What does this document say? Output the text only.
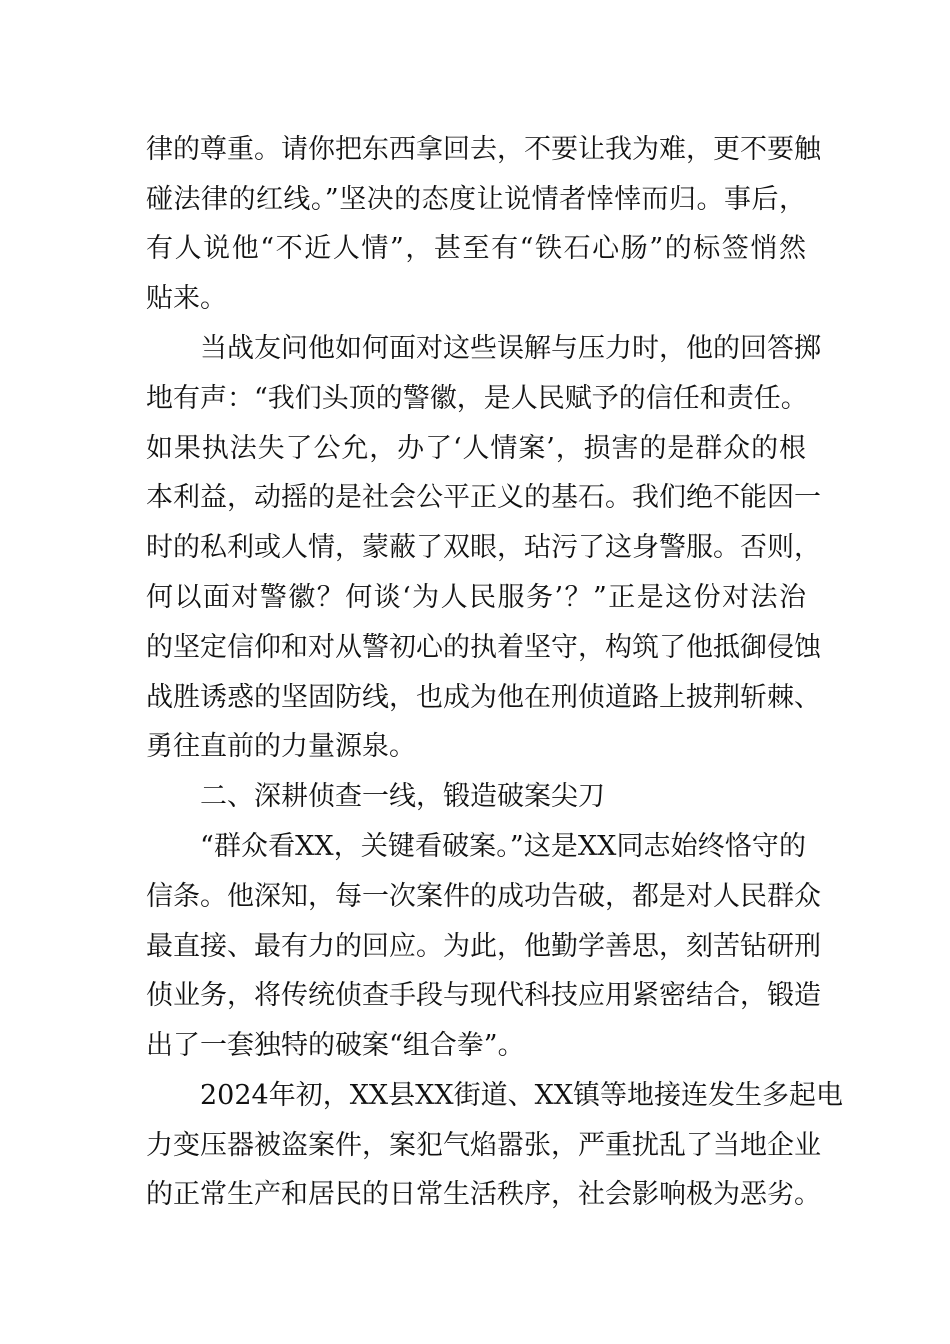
律的尊重。请你把东西拿回去，不要让我为难，更不要触

碰法律的红线。”坚决的态度让说情者悻悻而归。事后，

有人说他“不近人情”，甚至有“铁石心肠”的标签悄然

贴来。

当战友问他如何面对这些误解与压力时，他的回答掷

地有声：“我们头顶的警徽，是人民赋予的信任和责任。

如果执法失了公允，办了‘人情案’，损害的是群众的根

本利益，动摇的是社会公平正义的基石。我们绝不能因一

时的私利或人情，蒙蔽了双眼，玷污了这身警服。否则，

何以面对警徽？何谈‘为人民服务’？”正是这份对法治

的坚定信仰和对从警初心的执着坚守，构筑了他抵御侵蚀

战胜诱惑的坚固防线，也成为他在刑侦道路上披荆斩棘、

勇往直前的力量源泉。

二、深耕侦查一线，锻造破案尖刀

“群众看XX，关键看破案。”这是XX同志始终恪守的

信条。他深知，每一次案件的成功告破，都是对人民群众

最直接、最有力的回应。为此，他勤学善思，刻苦钻研刑

侦业务，将传统侦查手段与现代科技应用紧密结合，锻造

出了一套独特的破案“组合拳”。

2024年初，XX县XX街道、XX镇等地接连发生多起电

力变压器被盗案件，案犯气焰嚣张，严重扰乱了当地企业

的正常生产和居民的日常生活秩序，社会影响极为恶劣。
